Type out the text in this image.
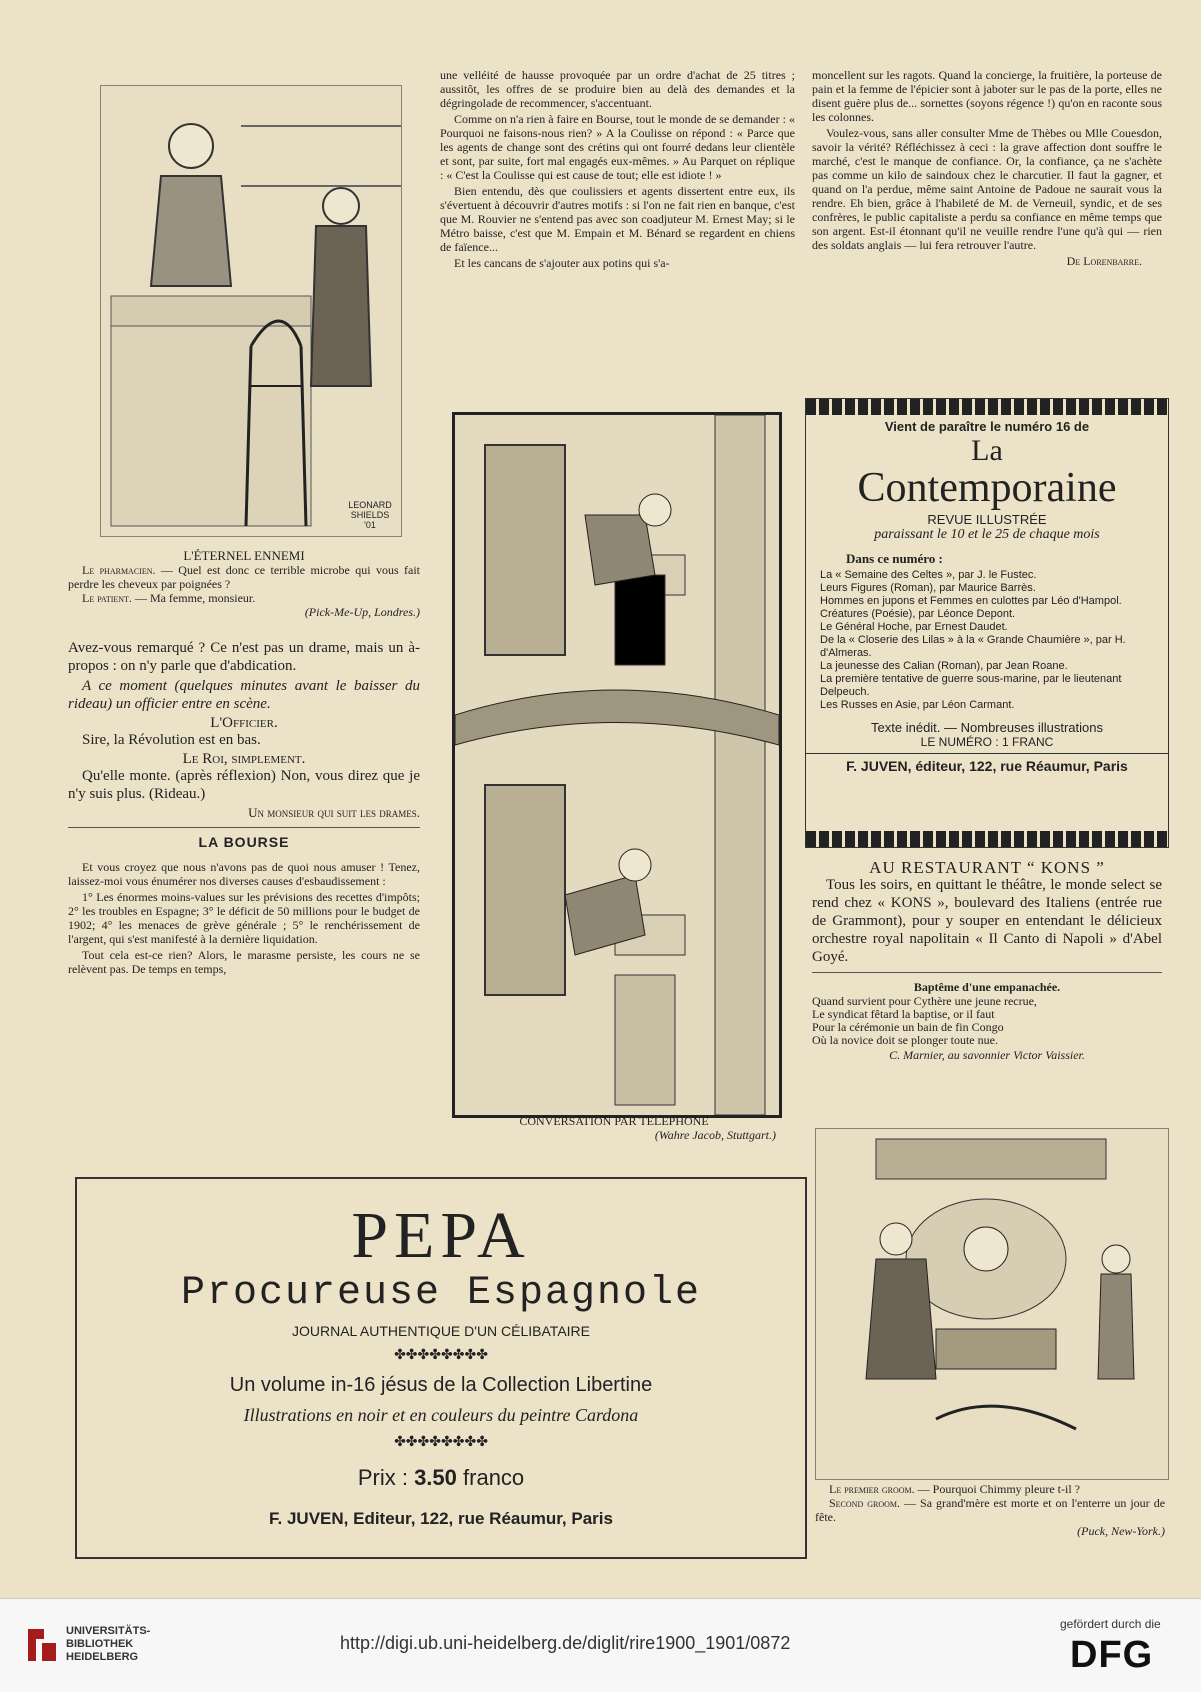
LEONARD SHIELDS '01
L'ÉTERNEL ENNEMI
Le pharmacien. — Quel est donc ce terrible microbe qui vous fait perdre les cheveux par poignées ?
Le patient. — Ma femme, monsieur.
(Pick-Me-Up, Londres.)

Avez-vous remarqué ? Ce n'est pas un drame, mais un à-propos : on n'y parle que d'abdication.

A ce moment (quelques minutes avant le baisser du rideau) un officier entre en scène.

L'Officier.

Sire, la Révolution est en bas.

Le Roi, simplement.

Qu'elle monte. (après réflexion) Non, vous direz que je n'y suis plus. (Rideau.)

Un monsieur qui suit les drames.
LA BOURSE

Et vous croyez que nous n'avons pas de quoi nous amuser ! Tenez, laissez-moi vous énumérer nos diverses causes d'esbaudissement :

1° Les énormes moins-values sur les prévisions des recettes d'impôts; 2° les troubles en Espagne; 3° le déficit de 50 millions pour le budget de 1902; 4° les menaces de grève générale ; 5° le renchérissement de l'argent, qui s'est manifesté à la dernière liquidation.

Tout cela est-ce rien? Alors, le marasme persiste, les cours ne se relèvent pas. De temps en temps,

une velléité de hausse provoquée par un ordre d'achat de 25 titres ; aussitôt, les offres de se produire bien au delà des demandes et la dégringolade de recommencer, s'accentuant.

Comme on n'a rien à faire en Bourse, tout le monde de se demander : « Pourquoi ne faisons-nous rien? » A la Coulisse on répond : « Parce que les agents de change sont des crétins qui ont fourré dedans leur clientèle et sont, par suite, fort mal engagés eux-mêmes. » Au Parquet on réplique : « C'est la Coulisse qui est cause de tout; elle est idiote ! »

Bien entendu, dès que coulissiers et agents dissertent entre eux, ils s'évertuent à découvrir d'autres motifs : si l'on ne fait rien en banque, c'est que M. Rouvier ne s'entend pas avec son coadjuteur M. Ernest May; si le Métro baisse, c'est que M. Empain et M. Bénard se regardent en chiens de faïence...

Et les cancans de s'ajouter aux potins qui s'a-

CONVERSATION PAR TÉLÉPHONE
(Wahre Jacob, Stuttgart.)

moncellent sur les ragots. Quand la concierge, la fruitière, la porteuse de pain et la femme de l'épicier sont à jaboter sur le pas de la porte, elles ne disent guère plus de... sornettes (soyons régence !) qu'on en raconte sous les colonnes.

Voulez-vous, sans aller consulter Mme de Thèbes ou Mlle Couesdon, savoir la vérité? Réfléchissez à ceci : la grave affection dont souffre le marché, c'est le manque de confiance. Or, la confiance, ça ne s'achète pas comme un kilo de saindoux chez le charcutier. Il faut la gagner, et quand on l'a perdue, même saint Antoine de Padoue ne saurait vous la rendre. Eh bien, grâce à l'habileté de M. de Verneuil, syndic, et de ses confrères, le public capitaliste a perdu sa confiance en même temps que son argent. Est-il étonnant qu'il ne veuille rendre l'une qu'à qui — rien des soldats anglais — lui fera retrouver l'autre.

De Lorenbarre.
Vient de paraître le numéro 16 de
La
Contemporaine
REVUE ILLUSTRÉE
paraissant le 10 et le 25 de chaque mois
Dans ce numéro :
La « Semaine des Celtes », par J. le Fustec.
Leurs Figures (Roman), par Maurice Barrès.
Hommes en jupons et Femmes en culottes par Léo d'Hampol.
Créatures (Poésie), par Léonce Depont.
Le Général Hoche, par Ernest Daudet.
De la « Closerie des Lilas » à la « Grande Chaumière », par H. d'Almeras.
La jeunesse des Calian (Roman), par Jean Roane.
La première tentative de guerre sous-marine, par le lieutenant Delpeuch.
Les Russes en Asie, par Léon Carmant.
Texte inédit. — Nombreuses illustrations
LE NUMÉRO : 1 FRANC
F. JUVEN, éditeur, 122, rue Réaumur, Paris
AU RESTAURANT “ KONS ”

Tous les soirs, en quittant le théâtre, le monde select se rend chez « KONS », boulevard des Italiens (entrée rue de Grammont), pour y souper en entendant le délicieux orchestre royal napolitain « Il Canto di Napoli » d'Abel Goyé.

Baptême d'une empanachée.
Quand survient pour Cythère une jeune recrue,
Le syndicat fêtard la baptise, or il faut
Pour la cérémonie un bain de fin Congo
Où la novice doit se plonger toute nue.
C. Marnier, au savonnier Victor Vaissier.
Le premier groom. — Pourquoi Chimmy pleure t-il ?
Second groom. — Sa grand'mère est morte et on l'enterre un jour de fête.
(Puck, New-York.)
PEPA
Procureuse Espagnole
JOURNAL AUTHENTIQUE D'UN CÉLIBATAIRE
✤✤✤✤✤✤✤✤
Un volume in-16 jésus de la Collection Libertine
Illustrations en noir et en couleurs du peintre Cardona
✤✤✤✤✤✤✤✤
Prix : 3.50 franco
F. JUVEN, Editeur, 122, rue Réaumur, Paris
UNIVERSITÄTS-
BIBLIOTHEK
HEIDELBERG
http://digi.ub.uni-heidelberg.de/diglit/rire1900_1901/0872
gefördert durch die
DFG
